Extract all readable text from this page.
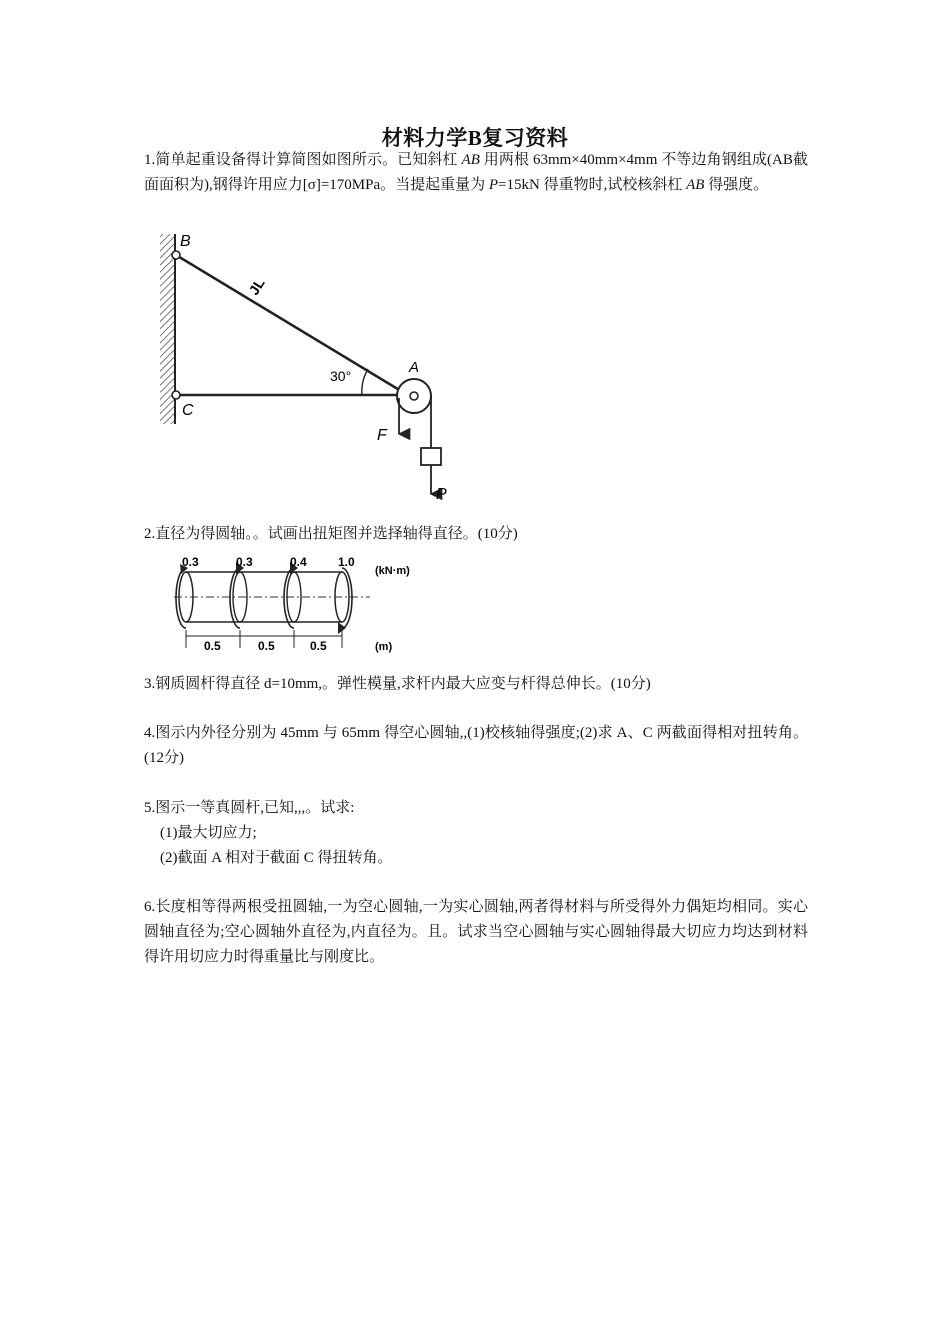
材料力学B复习资料
1.简单起重设备得计算简图如图所示。已知斜杠 AB 用两根 63mm×40mm×4mm 不等边角钢组成(AB截面面积为),钢得许用应力[σ]=170MPa。当提起重量为 P=15kN 得重物时,试校核斜杠 AB 得强度。
JL
B
C
A
30°
F
P
2.直径为得圆轴。。试画出扭矩图并选择轴得直径。(10分)
0.3	0.3	0.4	1.0
(kN·m)
0.5	0.5	0.5	(m)
3.钢质圆杆得直径 d=10mm,。弹性模量,求杆内最大应变与杆得总伸长。(10分)
4.图示内外径分别为 45mm 与 65mm 得空心圆轴,,(1)校核轴得强度;(2)求 A、C 两截面得相对扭转角。(12分)
5.图示一等真圆杆,已知,,,。试求:
(1)最大切应力;
(2)截面 A 相对于截面 C 得扭转角。
6.长度相等得两根受扭圆轴,一为空心圆轴,一为实心圆轴,两者得材料与所受得外力偶矩均相同。实心圆轴直径为;空心圆轴外直径为,内直径为。且。试求当空心圆轴与实心圆轴得最大切应力均达到材料得许用切应力时得重量比与刚度比。
